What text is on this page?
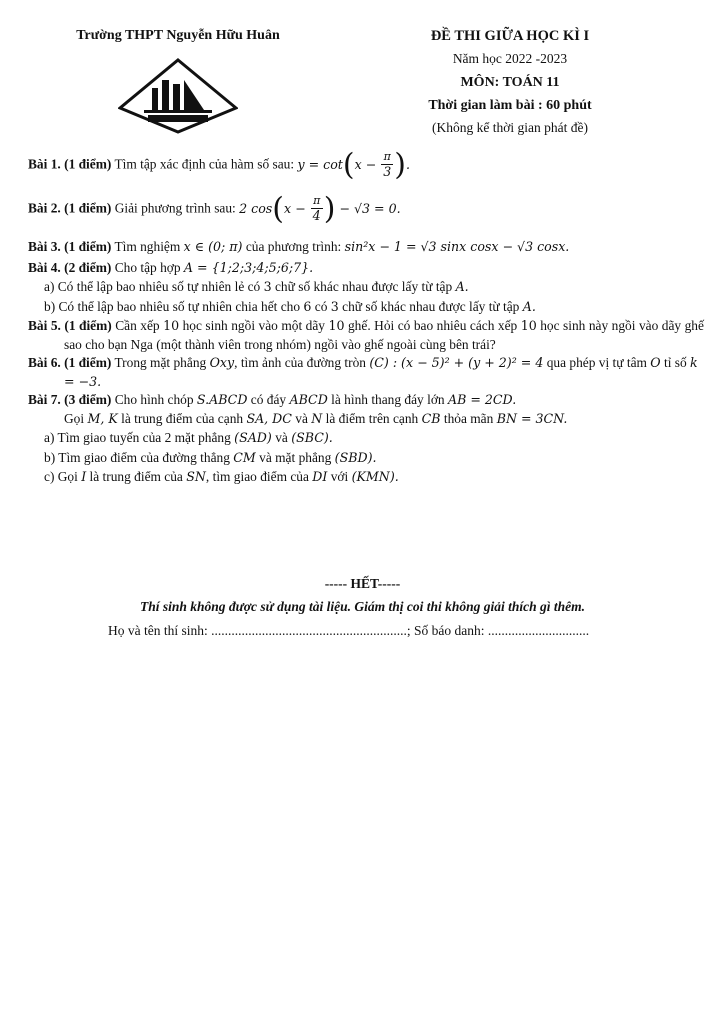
Trường THPT Nguyễn Hữu Huân	ĐỀ THI GIỮA HỌC KÌ I
Năm học 2022 -2023
MÔN: TOÁN 11
Thời gian làm bài : 60 phút
(Không kể thời gian phát đề)

Bài 1. (1 điểm) Tìm tập xác định của hàm số sau: $y = \cot(x - \frac{\pi}{3}$ ).

Bài 2. (1 điểm) Giải phương trình sau: 2 $\cos(x - \frac{\pi}{4}$ ) − √3 = 0.

Bài 3. (1 điểm) Tìm nghiệm x ∈ (0; π) của phương trình: sin²x − 1 = √3 sinx cosx − √3 cosx.

Bài 4. (2 điểm) Cho tập hợp A = {1;2;3;4;5;6;7}.

a) Có thể lập bao nhiêu số tự nhiên lẻ có 3 chữ số khác nhau được lấy từ tập A.

b) Có thể lập bao nhiêu số tự nhiên chia hết cho 6 có 3 chữ số khác nhau được lấy từ tập A.

Bài 5. (1 điểm) Cần xếp 10 học sinh ngồi vào một dãy 10 ghế. Hỏi có bao nhiêu cách xếp 10 học sinh này ngồi vào dãy ghế sao cho bạn Nga (một thành viên trong nhóm) ngồi vào ghế ngoài cùng bên trái?

Bài 6. (1 điểm) Trong mặt phẳng Oxy, tìm ảnh của đường tròn (C) : (x − 5)² + (y + 2)² = 4 qua phép vị tự tâm O tỉ số k = −3.

Bài 7. (3 điểm) Cho hình chóp S.ABCD có đáy ABCD là hình thang đáy lớn AB = 2CD.

Gọi M, K là trung điểm của cạnh SA, DC và N là điểm trên cạnh CB thỏa mãn BN = 3CN.

a) Tìm giao tuyến của 2 mặt phẳng (SAD) và (SBC).

b) Tìm giao điểm của đường thẳng CM và mặt phẳng (SBD).

c) Gọi I là trung điểm của SN, tìm giao điểm của DI với (KMN).

----- HẾT-----
Thí sinh không được sử dụng tài liệu. Giám thị coi thi không giải thích gì thêm.
Họ và tên thí sinh: ..........................................................; Số báo danh: ..............................
